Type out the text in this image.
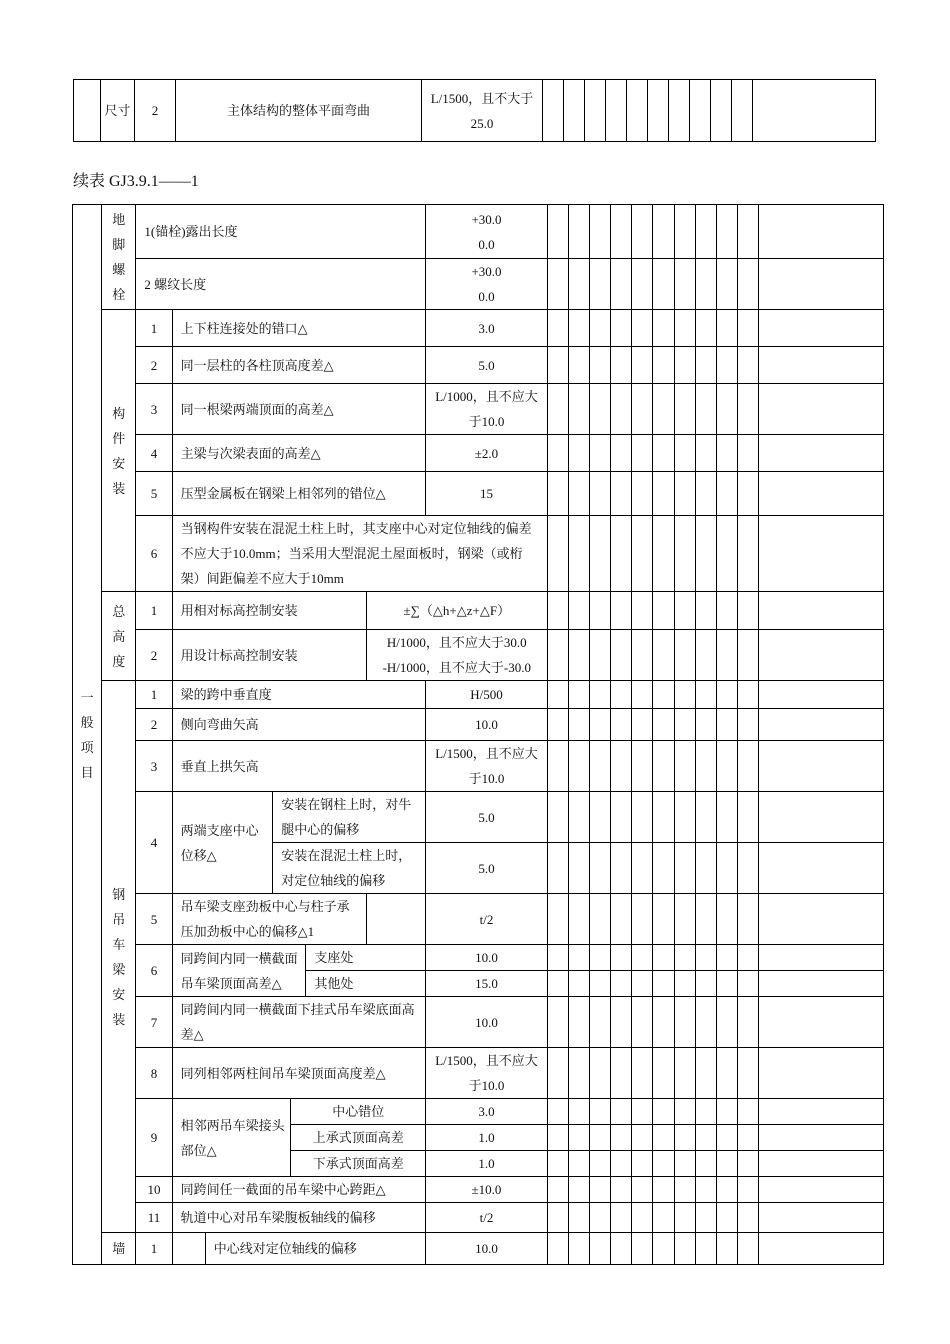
	尺寸	2	主体结构的整体平面弯曲	L/1500，且不大于25.0											

续表 GJ3.9.1——1

一般项目	地脚螺栓	1(锚栓)露出长度							+30.0
0.0											

		2 螺纹长度							+30.0
0.0											

	构件安装	1	上下柱连接处的错口△						3.0											
		2	同一层柱的各柱顶高度差△						5.0											
		3	同一根梁两端顶面的高差△						L/1000，且不应大于10.0											
		4	主梁与次梁表面的高差△						±2.0											
		5	压型金属板在钢梁上相邻列的错位△						15											
		6	当钢构件安装在混泥土柱上时，其支座中心对定位轴线的偏差不应大于10.0mm；当采用大型混泥土屋面板时，钢梁（或桁架）间距偏差不应大于10mm																	
	总高度	1	用相对标高控制安装					±∑（△h+△z+△F）												
		2	用设计标高控制安装					H/1000，且不应大于30.0
-H/1000，且不应大于-30.0												

	钢吊车梁安装	1	梁的跨中垂直度						H/500											
		2	侧向弯曲矢高						10.0											
		3	垂直上拱矢高						L/1500，且不应大于10.0											
		4	两端支座中心位移△		安装在钢柱上时，对牛腿中心的偏移				5.0											
					安装在混泥土柱上时，对定位轴线的偏移				5.0											
		5	吊车梁支座劲板中心与柱子承压加劲板中心的偏移△1						t/2											
		6	同跨间内同一横截面吊车梁顶面高差△				支座处		10.0											
							其他处		15.0											
		7	同跨间内同一横截面下挂式吊车梁底面高差△						10.0											
		8	同列相邻两柱间吊车梁顶面高度差△						L/1500，且不应大于10.0											
		9	相邻两吊车梁接头部位△			中心错位			3.0											
						上承式顶面高差			1.0											
						下承式顶面高差			1.0											
		10	同跨间任一截面的吊车梁中心跨距△						±10.0											
		11	轨道中心对吊车梁腹板轴线的偏移						t/2											
	墙	1		中心线对定位轴线的偏移					10.0											
